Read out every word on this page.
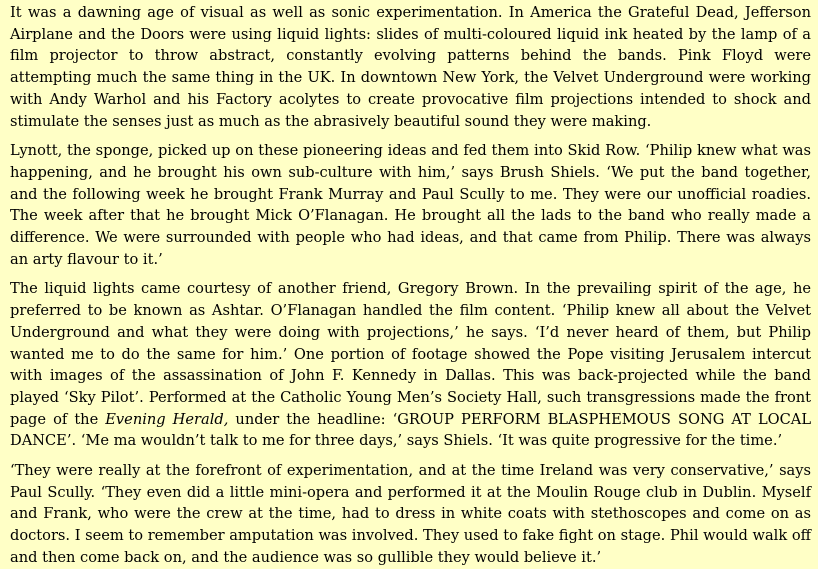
It was a dawning age of visual as well as sonic experimentation. In America the Grateful Dead, Jefferson Airplane and the Doors were using liquid lights: slides of multi-coloured liquid ink heated by the lamp of a film projector to throw abstract, constantly evolving patterns behind the bands. Pink Floyd were attempting much the same thing in the UK. In downtown New York, the Velvet Underground were working with Andy Warhol and his Factory acolytes to create provocative film projections intended to shock and stimulate the senses just as much as the abrasively beautiful sound they were making.

Lynott, the sponge, picked up on these pioneering ideas and fed them into Skid Row. ‘Philip knew what was happening, and he brought his own sub-culture with him,’ says Brush Shiels. ‘We put the band together, and the following week he brought Frank Murray and Paul Scully to me. They were our unofficial roadies. The week after that he brought Mick O’Flanagan. He brought all the lads to the band who really made a difference. We were surrounded with people who had ideas, and that came from Philip. There was always an arty flavour to it.’

The liquid lights came courtesy of another friend, Gregory Brown. In the prevailing spirit of the age, he preferred to be known as Ashtar. O’Flanagan handled the film content. ‘Philip knew all about the Velvet Underground and what they were doing with projections,’ he says. ‘I’d never heard of them, but Philip wanted me to do the same for him.’ One portion of footage showed the Pope visiting Jerusalem intercut with images of the assassination of John F. Kennedy in Dallas. This was back-projected while the band played ‘Sky Pilot’. Performed at the Catholic Young Men’s Society Hall, such transgressions made the front page of the Evening Herald, under the headline: ‘GROUP PERFORM BLASPHEMOUS SONG AT LOCAL DANCE’. ‘Me ma wouldn’t talk to me for three days,’ says Shiels. ‘It was quite progressive for the time.’

‘They were really at the forefront of experimentation, and at the time Ireland was very conservative,’ says Paul Scully. ‘They even did a little mini-opera and performed it at the Moulin Rouge club in Dublin. Myself and Frank, who were the crew at the time, had to dress in white coats with stethoscopes and come on as doctors. I seem to remember amputation was involved. They used to fake fight on stage. Phil would walk off and then come back on, and the audience was so gullible they would believe it.’
